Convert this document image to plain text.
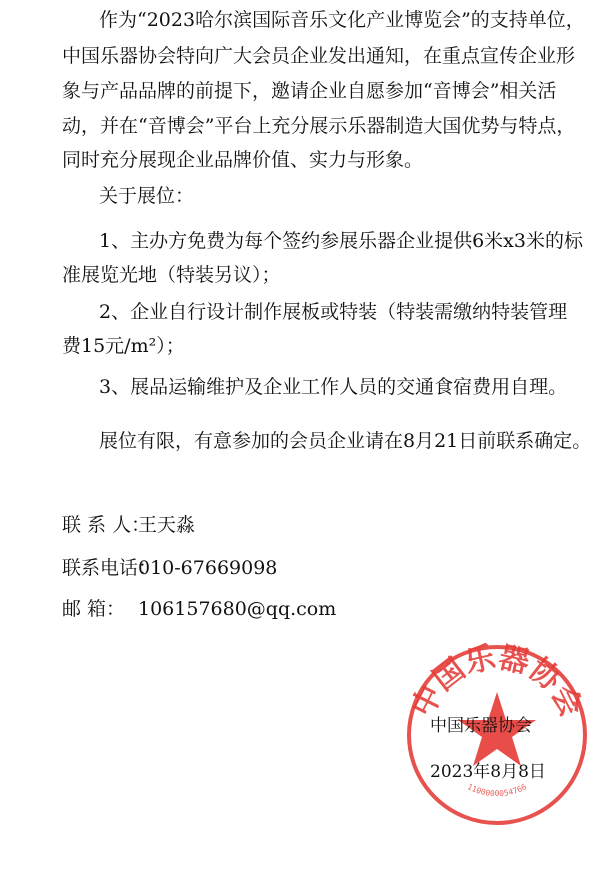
作为“2023哈尔滨国际音乐文化产业博览会”的支持单位，
中国乐器协会特向广大会员企业发出通知，在重点宣传企业形
象与产品品牌的前提下，邀请企业自愿参加“音博会”相关活
动，并在“音博会”平台上充分展示乐器制造大国优势与特点，
同时充分展现企业品牌价值、实力与形象。
关于展位：
1、主办方免费为每个签约参展乐器企业提供6米x3米的标
准展览光地（特装另议）；
2、企业自行设计制作展板或特装（特装需缴纳特装管理
费15元/m²）；
3、展品运输维护及企业工作人员的交通食宿费用自理。
展位有限，有意参加的会员企业请在8月21日前联系确定。
联 系 人：王天淼
联系电话：010-67669098
邮 箱： 106157680@qq.com
中国乐器协会
1100000054766
中国乐器协会
2023年8月8日
